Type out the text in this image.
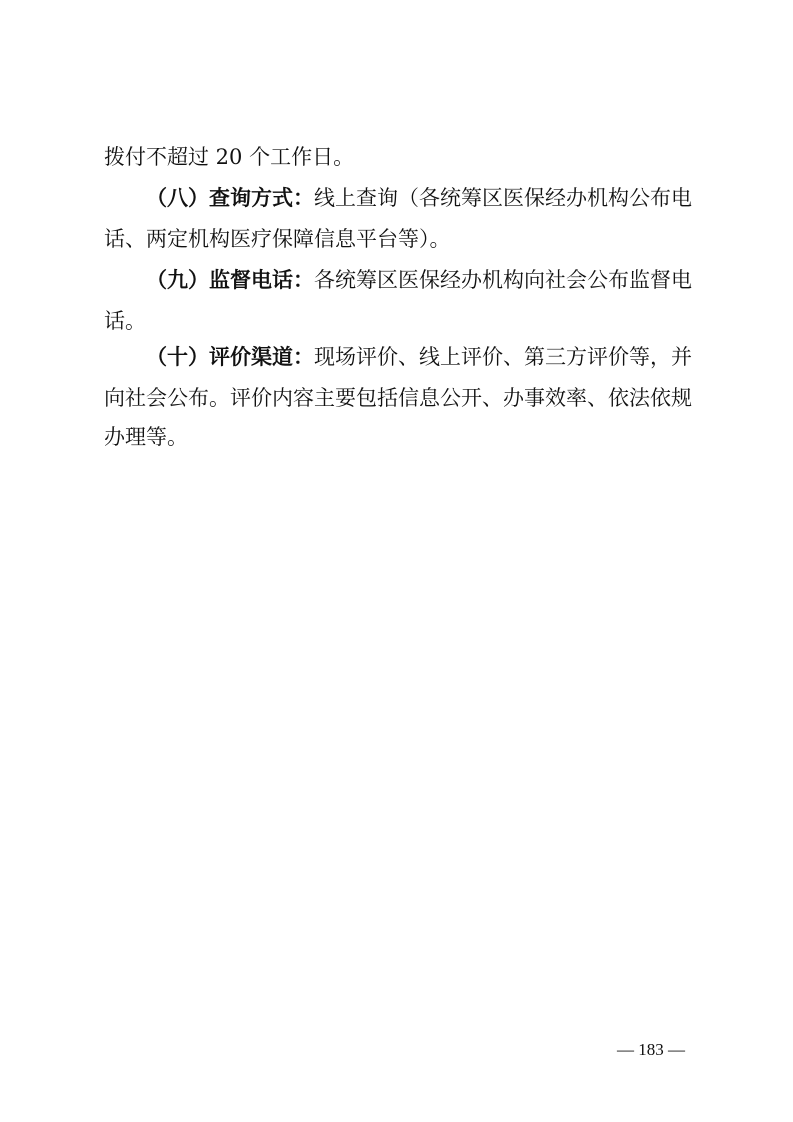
拨付不超过 20 个工作日。
（八）查询方式：线上查询（各统筹区医保经办机构公布电
话、两定机构医疗保障信息平台等）。
（九）监督电话：各统筹区医保经办机构向社会公布监督电
话。
（十）评价渠道：现场评价、线上评价、第三方评价等，并
向社会公布。评价内容主要包括信息公开、办事效率、依法依规
办理等。
— 183 —
